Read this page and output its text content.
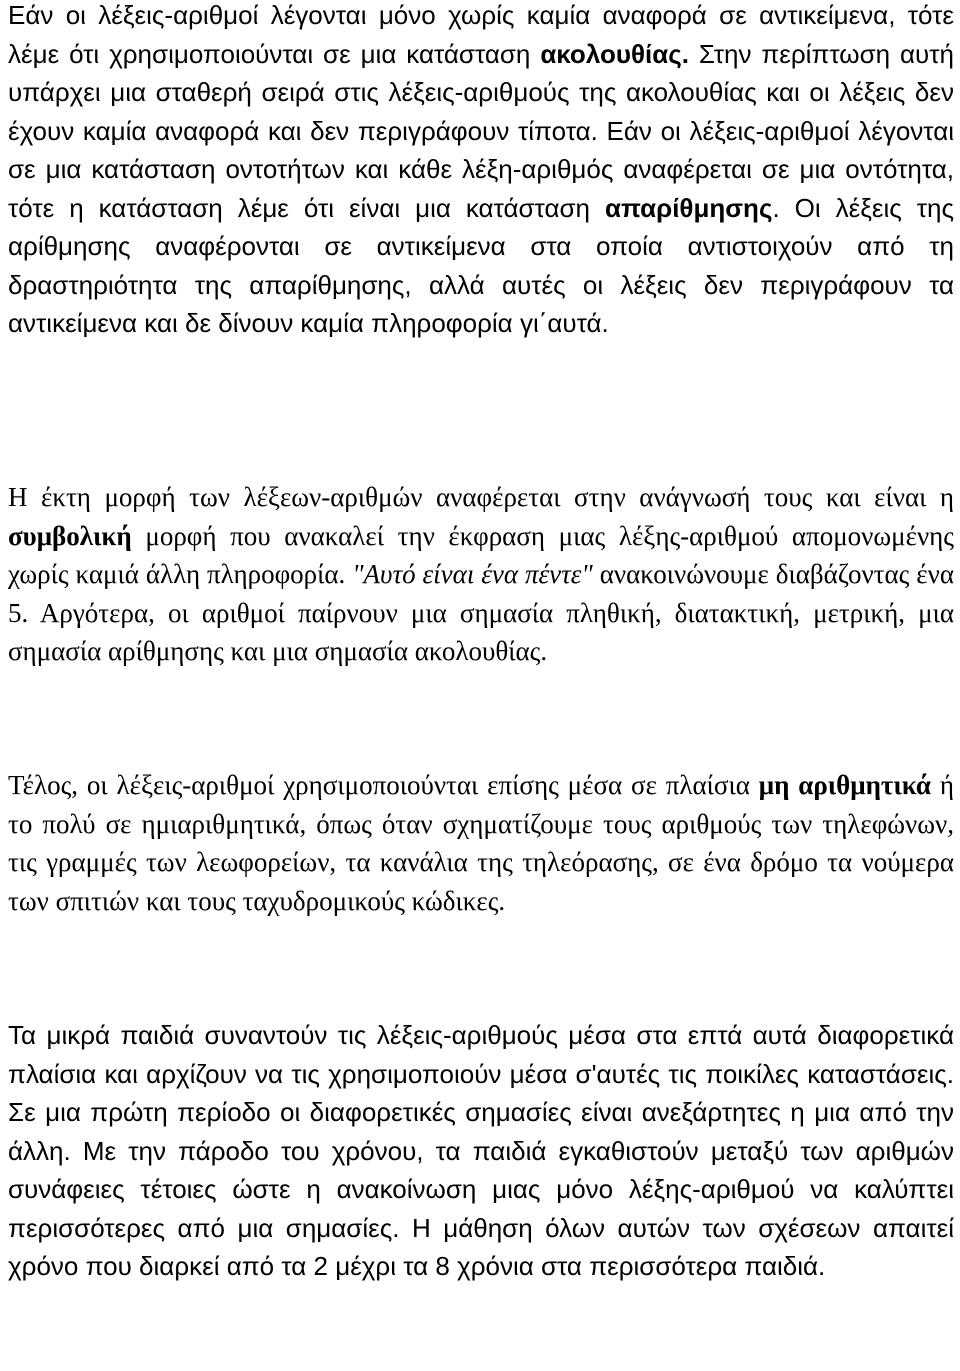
Εάν οι λέξεις-αριθμοί λέγονται μόνο χωρίς καμία αναφορά σε αντικείμενα, τότε λέμε ότι χρησιμοποιούνται σε μια κατάσταση ακολουθίας. Στην περίπτωση αυτή υπάρχει μια σταθερή σειρά στις λέξεις-αριθμούς της ακολουθίας και οι λέξεις δεν έχουν καμία αναφορά και δεν περιγράφουν τίποτα. Εάν οι λέξεις-αριθμοί λέγονται σε μια κατάσταση οντοτήτων και κάθε λέξη-αριθμός αναφέρεται σε μια οντότητα, τότε η κατάσταση λέμε ότι είναι μια κατάσταση απαρίθμησης. Οι λέξεις της αρίθμησης αναφέρονται σε αντικείμενα στα οποία αντιστοιχούν από τη δραστηριότητα της απαρίθμησης, αλλά αυτές οι λέξεις δεν περιγράφουν τα αντικείμενα και δε δίνουν καμία πληροφορία γι΄αυτά.

Η έκτη μορφή των λέξεων-αριθμών αναφέρεται στην ανάγνωσή τους και είναι η συμβολική μορφή που ανακαλεί την έκφραση μιας λέξης-αριθμού απομονωμένης χωρίς καμιά άλλη πληροφορία. "Αυτό είναι ένα πέντε" ανακοινώνουμε διαβάζοντας ένα 5. Αργότερα, οι αριθμοί παίρνουν μια σημασία πληθική, διατακτική, μετρική, μια σημασία αρίθμησης και μια σημασία ακολουθίας.

Τέλος, οι λέξεις-αριθμοί χρησιμοποιούνται επίσης μέσα σε πλαίσια μη αριθμητικά ή το πολύ σε ημιαριθμητικά, όπως όταν σχηματίζουμε τους αριθμούς των τηλεφώνων, τις γραμμές των λεωφορείων, τα κανάλια της τηλεόρασης, σε ένα δρόμο τα νούμερα των σπιτιών και τους ταχυδρομικούς κώδικες.

Τα μικρά παιδιά συναντούν τις λέξεις-αριθμούς μέσα στα επτά αυτά διαφορετικά πλαίσια και αρχίζουν να τις χρησιμοποιούν μέσα σ'αυτές τις ποικίλες καταστάσεις. Σε μια πρώτη περίοδο οι διαφορετικές σημασίες είναι ανεξάρτητες η μια από την άλλη. Με την πάροδο του χρόνου, τα παιδιά εγκαθιστούν μεταξύ των αριθμών συνάφειες τέτοιες ώστε η ανακοίνωση μιας μόνο λέξης-αριθμού να καλύπτει περισσότερες από μια σημασίες. Η μάθηση όλων αυτών των σχέσεων απαιτεί χρόνο που διαρκεί από τα 2 μέχρι τα 8 χρόνια στα περισσότερα παιδιά.
